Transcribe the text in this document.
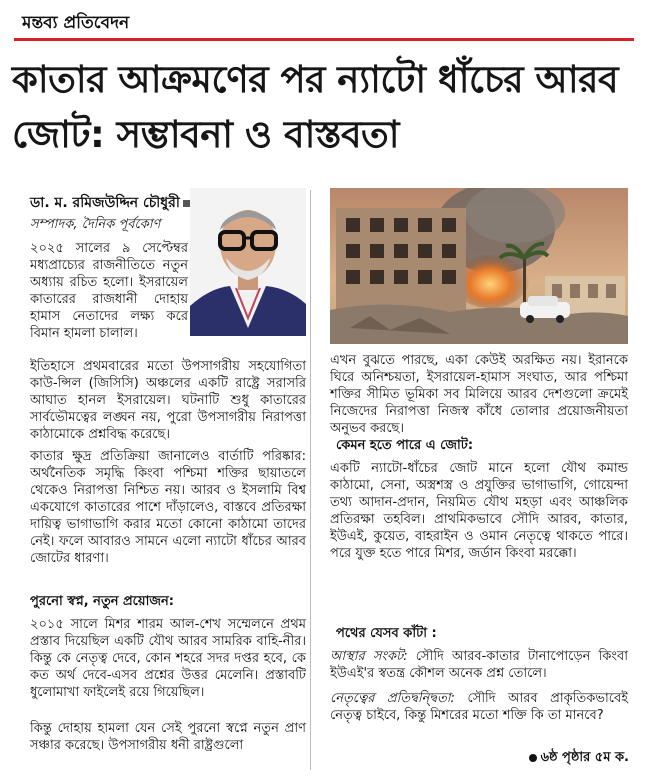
মন্তব্য প্রতিবেদন
কাতার আক্রমণের পর ন্যাটো ধাঁচের আরব জোট: সম্ভাবনা ও বাস্তবতা
ডা. ম. রমিজউদ্দিন চৌধুরী
সম্পাদক, দৈনিক পূর্বকোণ

২০২৫ সালের ৯ সেপ্টেম্বর মধ্যপ্রাচ্যের রাজনীতিতে নতুন অধ্যায় রচিত হলো। ইসরায়েল কাতারের রাজধানী দোহায় হামাস নেতাদের লক্ষ্য করে বিমান হামলা চালাল।

ইতিহাসে প্রথমবারের মতো উপসাগরীয় সহযোগিতা কাউ-ন্সিল (জিসিসি) অঞ্চলের একটি রাষ্ট্রে সরাসরি আঘাত হানল ইসরায়েল। ঘটনাটি শুধু কাতারের সার্বভৌমত্বের লঙ্ঘন নয়, পুরো উপসাগরীয় নিরাপত্তা কাঠামোকে প্রশ্নবিদ্ধ করেছে।

কাতার ক্ষুদ্র প্রতিক্রিয়া জানালেও বার্তাটি পরিষ্কার: অর্থনৈতিক সমৃদ্ধি কিংবা পশ্চিমা শক্তির ছায়াতলে থেকেও নিরাপত্তা নিশ্চিত নয়। আরব ও ইসলামি বিশ্ব একযোগে কাতারের পাশে দাঁড়ালেও, বাস্তবে প্রতিরক্ষা দায়িত্ব ভাগাভাগি করার মতো কোনো কাঠামো তাদের নেই। ফলে আবারও সামনে এলো ন্যাটো ধাঁচের আরব জোটের ধারণা।

পুরনো স্বপ্ন, নতুন প্রয়োজন:

২০১৫ সালে মিশর শারম আল-শেখ সম্মেলনে প্রথম প্রস্তাব দিয়েছিল একটি যৌথ আরব সামরিক বাহি-নীর। কিন্তু কে নেতৃত্ব দেবে, কোন শহরে সদর দপ্তর হবে, কে কত অর্থ দেবে-এসব প্রশ্নের উত্তর মেলেনি। প্রস্তাবটি ধুলোমাখা ফাইলেই রয়ে গিয়েছিল।

কিন্তু দোহায় হামলা যেন সেই পুরনো স্বপ্নে নতুন প্রাণ সঞ্চার করেছে। উপসাগরীয় ধনী রাষ্ট্রগুলো

এখন বুঝতে পারছে, একা কেউই অরক্ষিত নয়। ইরানকে ঘিরে অনিশ্চয়তা, ইসরায়েল-হামাস সংঘাত, আর পশ্চিমা শক্তির সীমিত ভূমিকা সব মিলিয়ে আরব দেশগুলো ক্রমেই নিজেদের নিরাপত্তা নিজস্ব কাঁধে তোলার প্রয়োজনীয়তা অনুভব করছে।

কেমন হতে পারে এ জোট:

একটি ন্যাটো-ধাঁচের জোট মানে হলো যৌথ কমান্ড কাঠামো, সেনা, অস্ত্রশস্ত্র ও প্রযুক্তির ভাগাভাগি, গোয়েন্দা তথ্য আদান-প্রদান, নিয়মিত যৌথ মহড়া এবং আঞ্চলিক প্রতিরক্ষা তহবিল। প্রাথমিকভাবে সৌদি আরব, কাতার, ইউএই, কুয়েত, বাহরাইন ও ওমান নেতৃত্বে থাকতে পারে। পরে যুক্ত হতে পারে মিশর, জর্ডান কিংবা মরক্কো।

পথের যেসব কাঁটা :

আস্থার সংকট: সৌদি আরব-কাতার টানাপোড়েন কিংবা ইউএই'র স্বতন্ত্র কৌশল অনেক প্রশ্ন তোলে।

নেতৃত্বের প্রতিদ্বন্দ্বিতা: সৌদি আরব প্রাকৃতিকভাবেই নেতৃত্ব চাইবে, কিন্তু মিশরের মতো শক্তি কি তা মানবে?

৬ষ্ঠ পৃষ্ঠার ৫ম ক.
